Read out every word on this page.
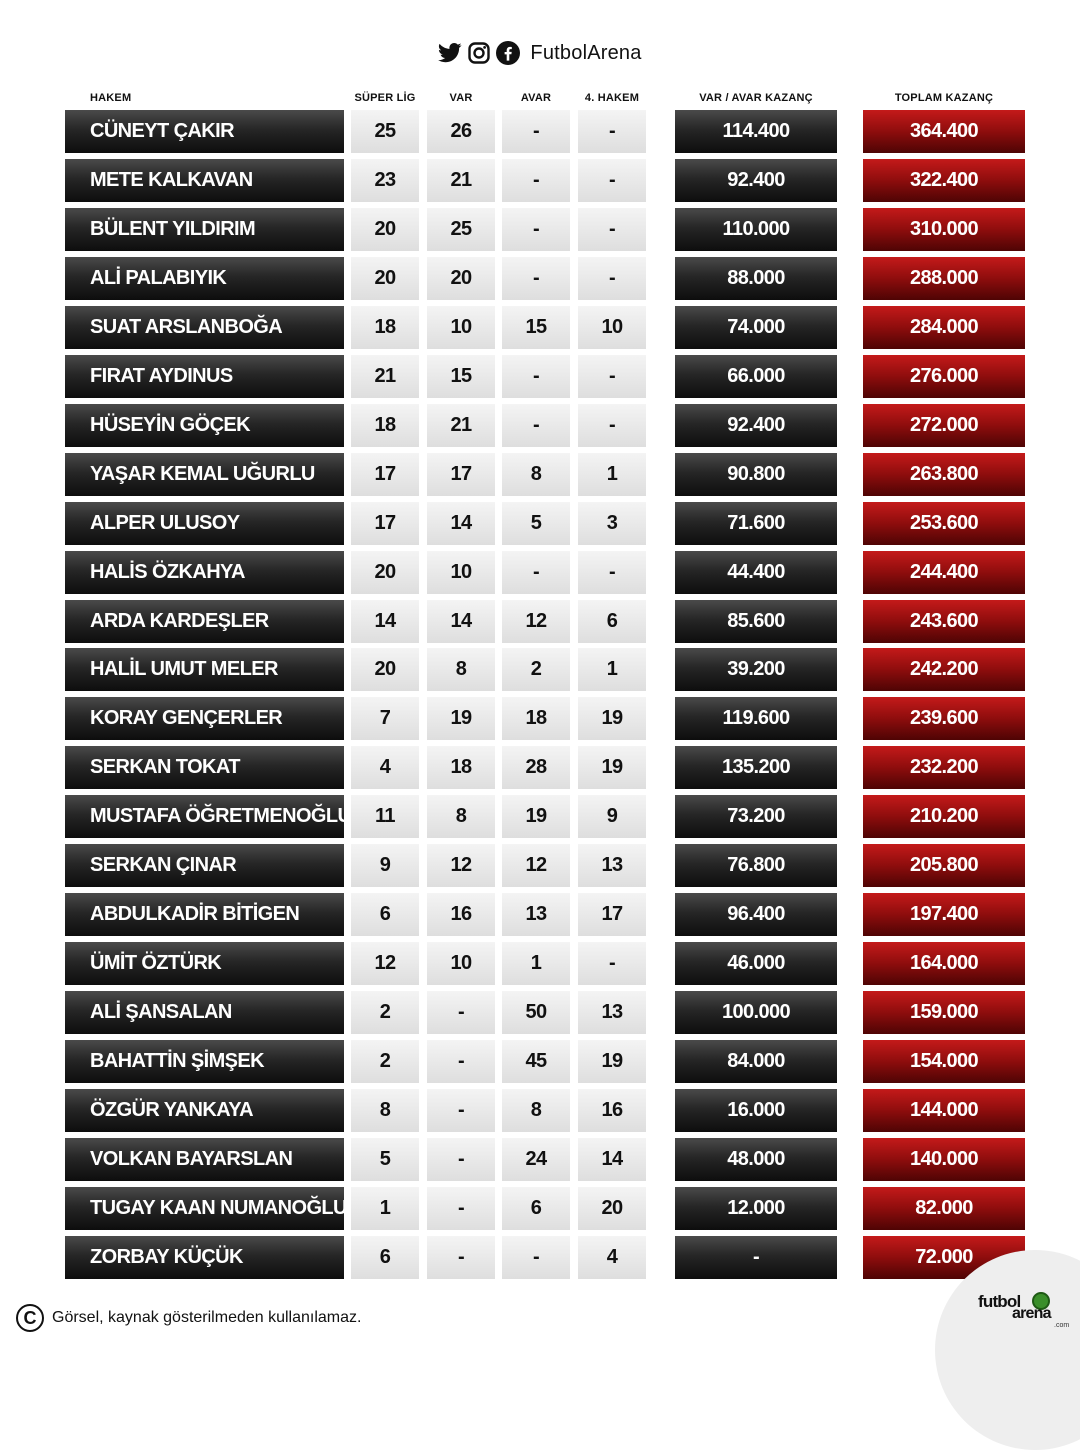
FutbolArena
HAKEM	SÜPER LİG	VAR	AVAR	4. HAKEM	VAR / AVAR KAZANÇ	TOPLAM KAZANÇ
CÜNEYT ÇAKIR	25	26	-	-	114.400	364.400
METE KALKAVAN	23	21	-	-	92.400	322.400
BÜLENT YILDIRIM	20	25	-	-	110.000	310.000
ALİ PALABIYIK	20	20	-	-	88.000	288.000
SUAT ARSLANBOĞA	18	10	15	10	74.000	284.000
FIRAT AYDINUS	21	15	-	-	66.000	276.000
HÜSEYİN GÖÇEK	18	21	-	-	92.400	272.000
YAŞAR KEMAL UĞURLU	17	17	8	1	90.800	263.800
ALPER ULUSOY	17	14	5	3	71.600	253.600
HALİS ÖZKAHYA	20	10	-	-	44.400	244.400
ARDA KARDEŞLER	14	14	12	6	85.600	243.600
HALİL UMUT MELER	20	8	2	1	39.200	242.200
KORAY GENÇERLER	7	19	18	19	119.600	239.600
SERKAN TOKAT	4	18	28	19	135.200	232.200
MUSTAFA ÖĞRETMENOĞLU	11	8	19	9	73.200	210.200
SERKAN ÇINAR	9	12	12	13	76.800	205.800
ABDULKADİR BİTİGEN	6	16	13	17	96.400	197.400
ÜMİT ÖZTÜRK	12	10	1	-	46.000	164.000
ALİ ŞANSALAN	2	-	50	13	100.000	159.000
BAHATTİN ŞİMŞEK	2	-	45	19	84.000	154.000
ÖZGÜR YANKAYA	8	-	8	16	16.000	144.000
VOLKAN BAYARSLAN	5	-	24	14	48.000	140.000
TUGAY KAAN NUMANOĞLU	1	-	6	20	12.000	82.000
ZORBAY KÜÇÜK	6	-	-	4	-	72.000
C Görsel, kaynak gösterilmeden kullanılamaz.
futbol
arena
.com
